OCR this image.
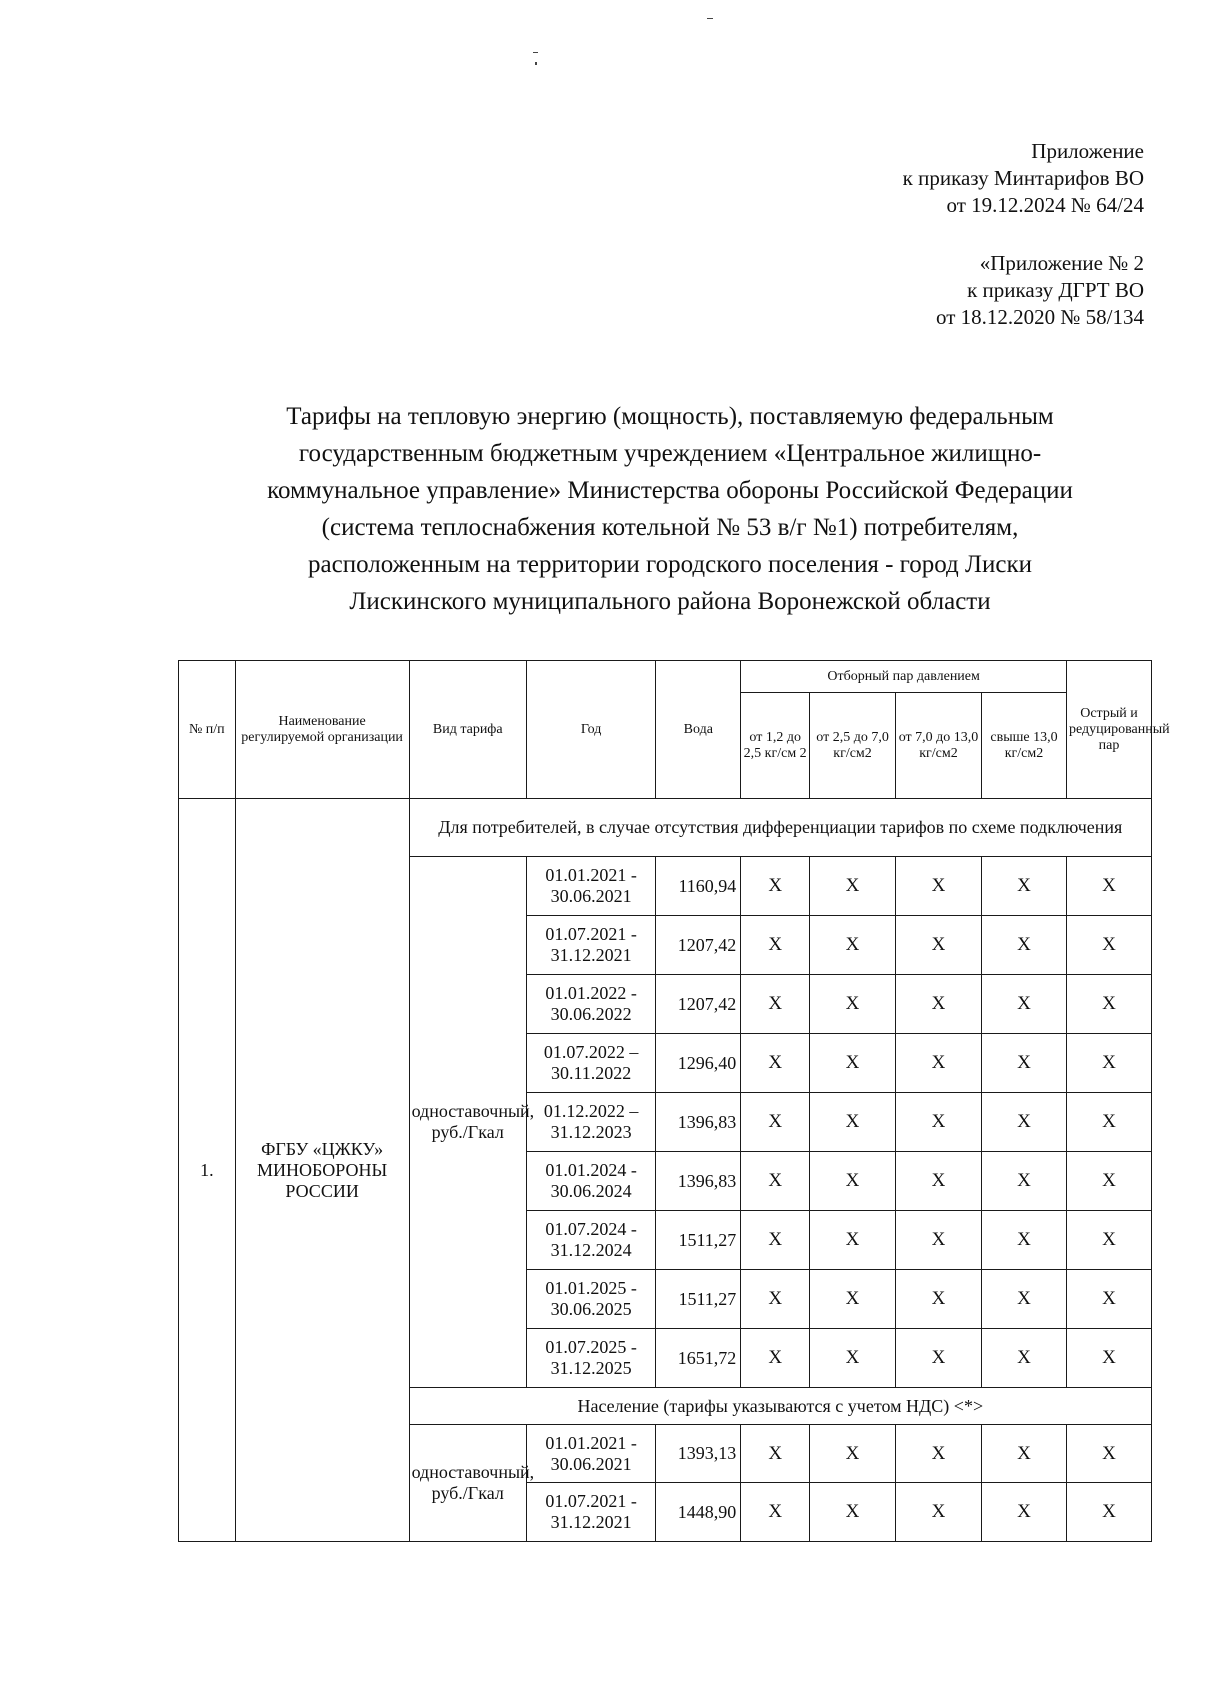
Приложение
к приказу Минтарифов ВО
от 19.12.2024 № 64/24
«Приложение № 2
к приказу ДГРТ ВО
от 18.12.2020 № 58/134
Тарифы на тепловую энергию (мощность), поставляемую федеральным
государственным бюджетным учреждением «Центральное жилищно-
коммунальное управление» Министерства обороны Российской Федерации
(система теплоснабжения котельной № 53 в/г №1) потребителям,
расположенным на территории городского поселения - город Лиски
Лискинского муниципального района Воронежской области
№ п/п	Наименование регулируемой организации	Вид тарифа	Год	Вода	Отборный пар давлением				Острый и редуцированный пар
					от 1,2 до 2,5 кг/см 2	от 2,5 до 7,0 кг/см2	от 7,0 до 13,0 кг/см2	свыше 13,0 кг/см2	
1.	ФГБУ «ЦЖКУ» МИНОБОРОНЫ РОССИИ	Для потребителей, в случае отсутствия дифференциации тарифов по схеме подключения							
		одноставочный, руб./Гкал	01.01.2021 - 30.06.2021	1160,94	X	X	X	X	X
			01.07.2021 - 31.12.2021	1207,42	X	X	X	X	X
			01.01.2022 - 30.06.2022	1207,42	X	X	X	X	X
			01.07.2022 – 30.11.2022	1296,40	X	X	X	X	X
			01.12.2022 – 31.12.2023	1396,83	X	X	X	X	X
			01.01.2024 - 30.06.2024	1396,83	X	X	X	X	X
			01.07.2024 - 31.12.2024	1511,27	X	X	X	X	X
			01.01.2025 - 30.06.2025	1511,27	X	X	X	X	X
			01.07.2025 - 31.12.2025	1651,72	X	X	X	X	X
		Население (тарифы указываются с учетом НДС) <*>							
		одноставочный, руб./Гкал	01.01.2021 - 30.06.2021	1393,13	X	X	X	X	X
			01.07.2021 - 31.12.2021	1448,90	X	X	X	X	X
